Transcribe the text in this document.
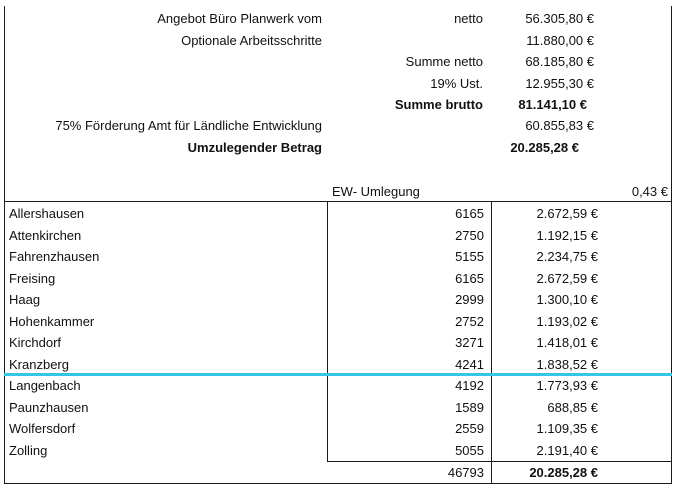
Angebot Büro Planwerk vom	netto	56.305,80 €
Optionale Arbeitsschritte	11.880,00 €
Summe netto	68.185,80 €
19% Ust.	12.955,30 €
Summe brutto	81.141,10 €
75% Förderung Amt für Ländliche Entwicklung	60.855,83 €
Umzulegender Betrag	20.285,28 €
EW- Umlegung	0,43 €
Allershausen	6165	2.672,59 €
Attenkirchen	2750	1.192,15 €
Fahrenzhausen	5155	2.234,75 €
Freising	6165	2.672,59 €
Haag	2999	1.300,10 €
Hohenkammer	2752	1.193,02 €
Kirchdorf	3271	1.418,01 €
Kranzberg	4241	1.838,52 €
Langenbach	4192	1.773,93 €
Paunzhausen	1589	688,85 €
Wolfersdorf	2559	1.109,35 €
Zolling	5055	2.191,40 €
46793	20.285,28 €
